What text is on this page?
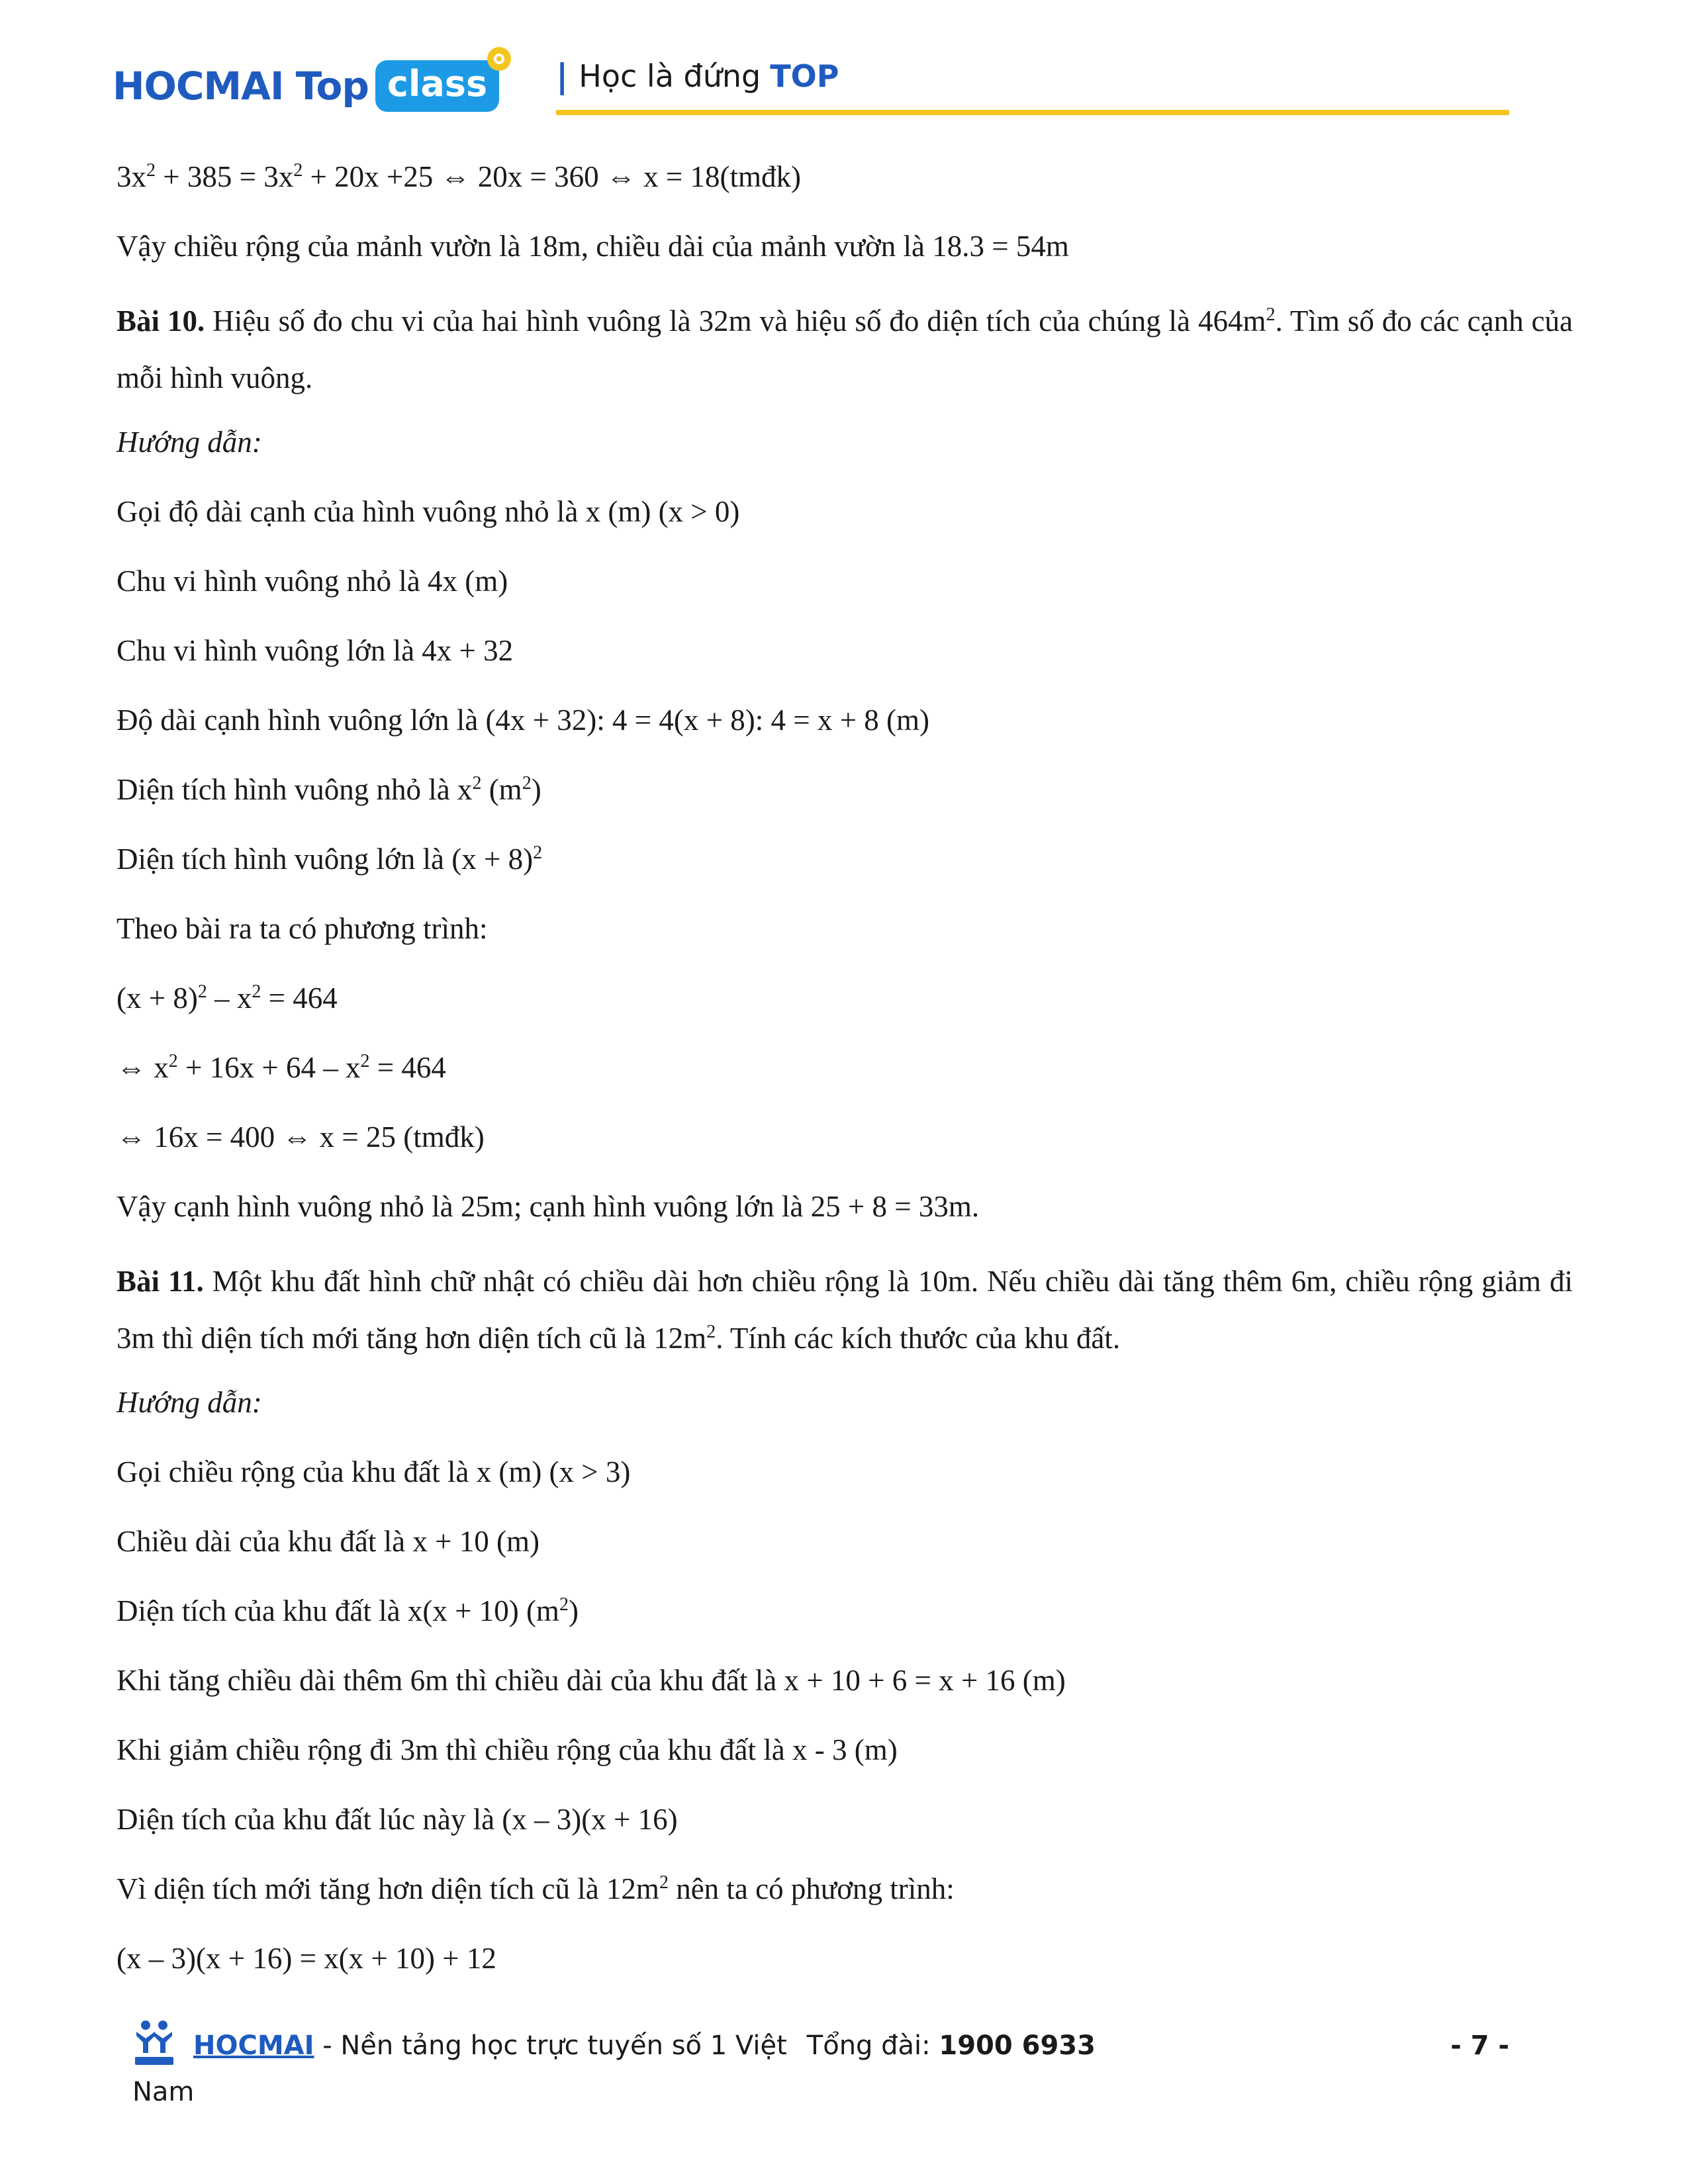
HOCMAI Top class	| Học là đứng TOP
$3x^2 + 385 = 3x^2 + 20x +25$ ⇔ 20x = 360 ⇔ x = 18(tmđk)
Vậy chiều rộng của mảnh vườn là 18m, chiều dài của mảnh vườn là 18.3 = 54m
Bài 10. Hiệu số đo chu vi của hai hình vuông là 32m và hiệu số đo diện tích của chúng là $464m^2$. Tìm số đo các cạnh của mỗi hình vuông.
Hướng dẫn:
Gọi độ dài cạnh của hình vuông nhỏ là x (m) (x > 0)
Chu vi hình vuông nhỏ là 4x (m)
Chu vi hình vuông lớn là 4x + 32
Độ dài cạnh hình vuông lớn là (4x + 32): 4 = 4(x + 8): 4 = x + 8 (m)
Diện tích hình vuông nhỏ là $x^2$ $(m^2)$
Diện tích hình vuông lớn là $(x + 8)^2$
Theo bài ra ta có phương trình:
$(x + 8)^2 - x^2 = 464$
⇔ $x^2 + 16x + 64 - x^2 = 464$
⇔ 16x = 400 ⇔ x = 25 (tmđk)
Vậy cạnh hình vuông nhỏ là 25m; cạnh hình vuông lớn là 25 + 8 = 33m.
Bài 11. Một khu đất hình chữ nhật có chiều dài hơn chiều rộng là 10m. Nếu chiều dài tăng thêm 6m, chiều rộng giảm đi 3m thì diện tích mới tăng hơn diện tích cũ là $12m^2$. Tính các kích thước của khu đất.
Hướng dẫn:
Gọi chiều rộng của khu đất là x (m) (x > 3)
Chiều dài của khu đất là x + 10 (m)
Diện tích của khu đất là x(x + 10) $(m^2)$
Khi tăng chiều dài thêm 6m thì chiều dài của khu đất là x + 10 + 6 = x + 16 (m)
Khi giảm chiều rộng đi 3m thì chiều rộng của khu đất là x - 3 (m)
Diện tích của khu đất lúc này là (x – 3)(x + 16)
Vì diện tích mới tăng hơn diện tích cũ là $12m^2$ nên ta có phương trình:
(x – 3)(x + 16) = x(x + 10) + 12
HOCMAI - Nền tảng học trực tuyến số 1 Việt Tổng đài: 1900 6933
Nam
- 7 -
